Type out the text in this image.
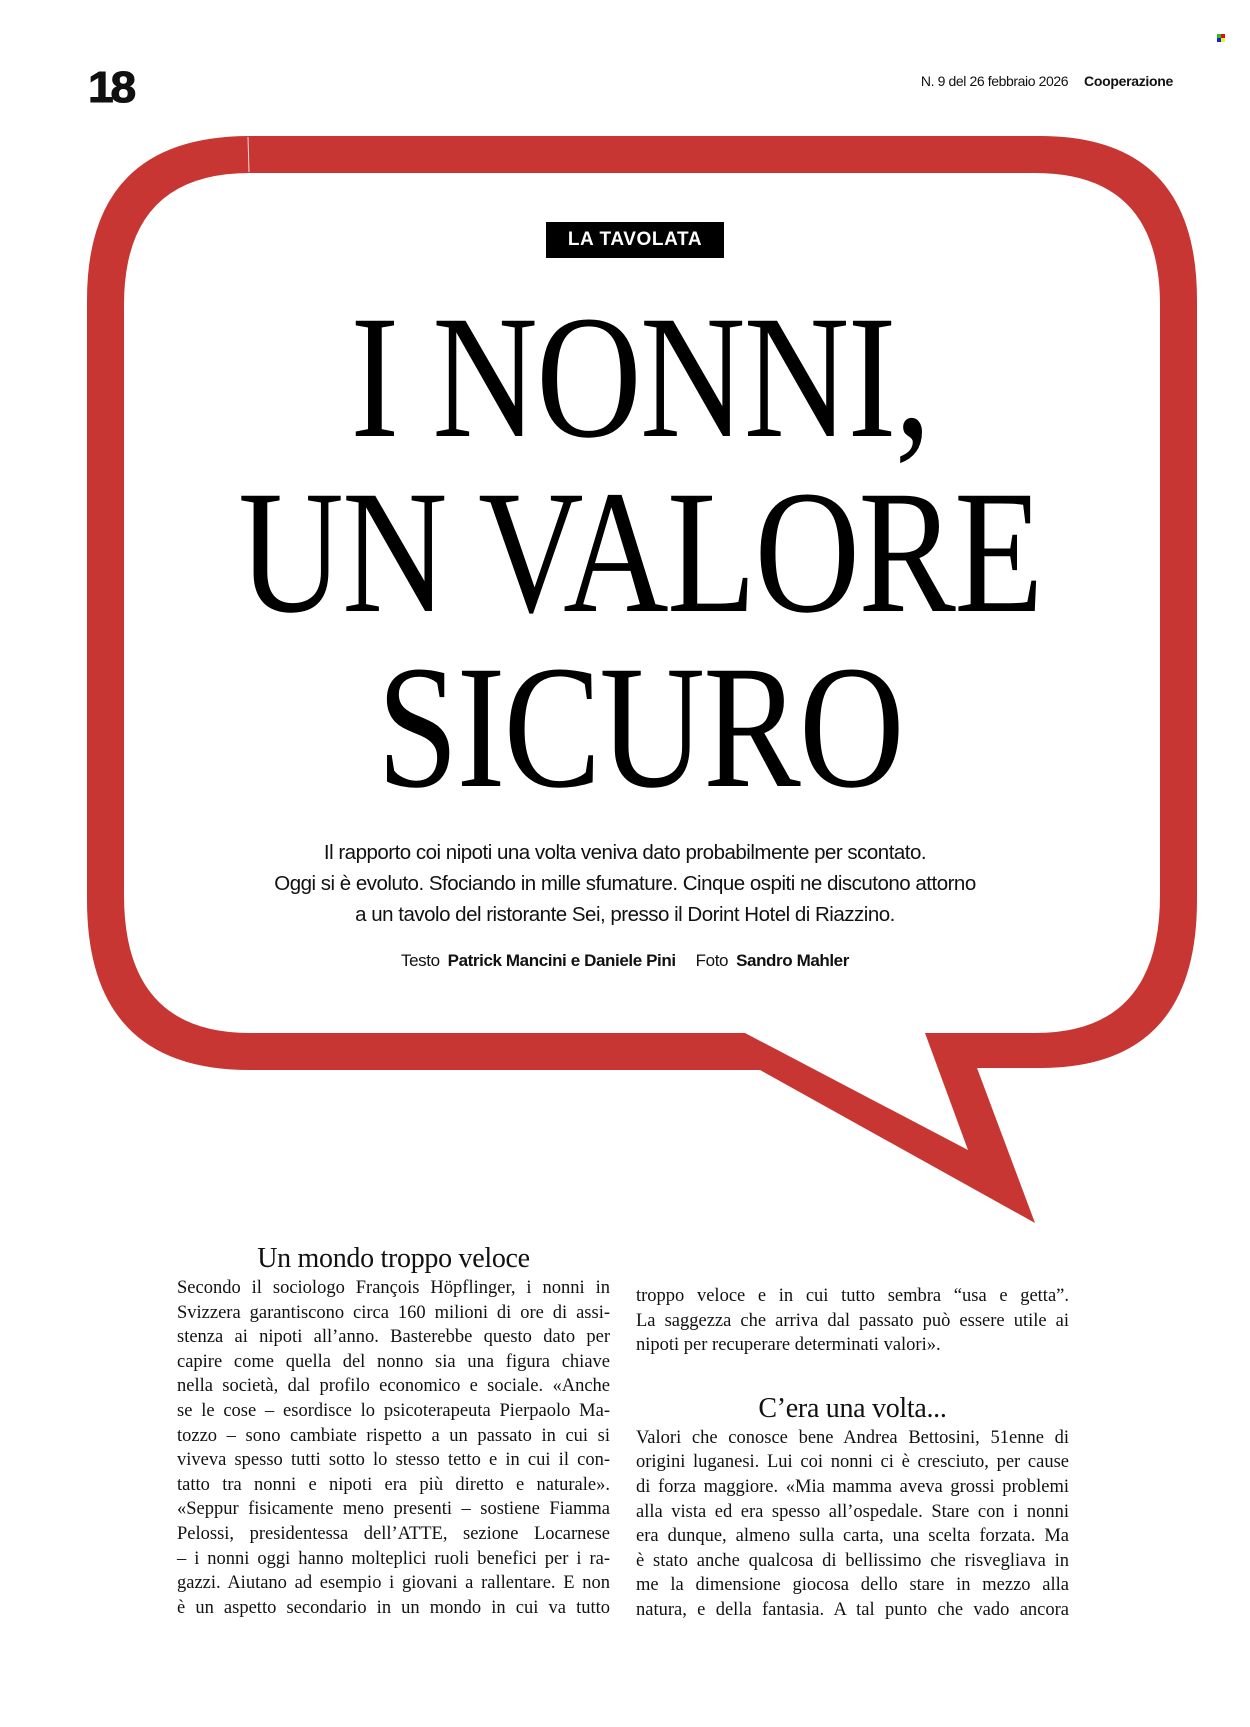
18	N. 9 del 26 febbraio 2026 Cooperazione
LA TAVOLATA
I NONNI,
UN VALORE
SICURO
Il rapporto coi nipoti una volta veniva dato probabilmente per scontato.
Oggi si è evoluto. Sfociando in mille sfumature. Cinque ospiti ne discutono attorno
a un tavolo del ristorante Sei, presso il Dorint Hotel di Riazzino.
Testo Patrick Mancini e Daniele Pini Foto Sandro Mahler
Un mondo troppo veloce

Secondo il sociologo François Höpflinger, i nonni in
Svizzera garantiscono circa 160 milioni di ore di assi-
stenza ai nipoti all’anno. Basterebbe questo dato per
capire come quella del nonno sia una figura chiave
nella società, dal profilo economico e sociale. «Anche
se le cose – esordisce lo psicoterapeuta Pierpaolo Ma-
tozzo – sono cambiate rispetto a un passato in cui si
viveva spesso tutti sotto lo stesso tetto e in cui il con-
tatto tra nonni e nipoti era più diretto e naturale».
«Seppur fisicamente meno presenti – sostiene Fiamma
Pelossi, presidentessa dell’ATTE, sezione Locarnese
– i nonni oggi hanno molteplici ruoli benefici per i ra-
gazzi. Aiutano ad esempio i giovani a rallentare. E non
è un aspetto secondario in un mondo in cui va tutto

troppo veloce e in cui tutto sembra “usa e getta”.
La saggezza che arriva dal passato può essere utile ai
nipoti per recuperare determinati valori».

C’era una volta...

Valori che conosce bene Andrea Bettosini, 51enne di
origini luganesi. Lui coi nonni ci è cresciuto, per cause
di forza maggiore. «Mia mamma aveva grossi problemi
alla vista ed era spesso all’ospedale. Stare con i nonni
era dunque, almeno sulla carta, una scelta forzata. Ma
è stato anche qualcosa di bellissimo che risvegliava in
me la dimensione giocosa dello stare in mezzo alla
natura, e della fantasia. A tal punto che vado ancora
